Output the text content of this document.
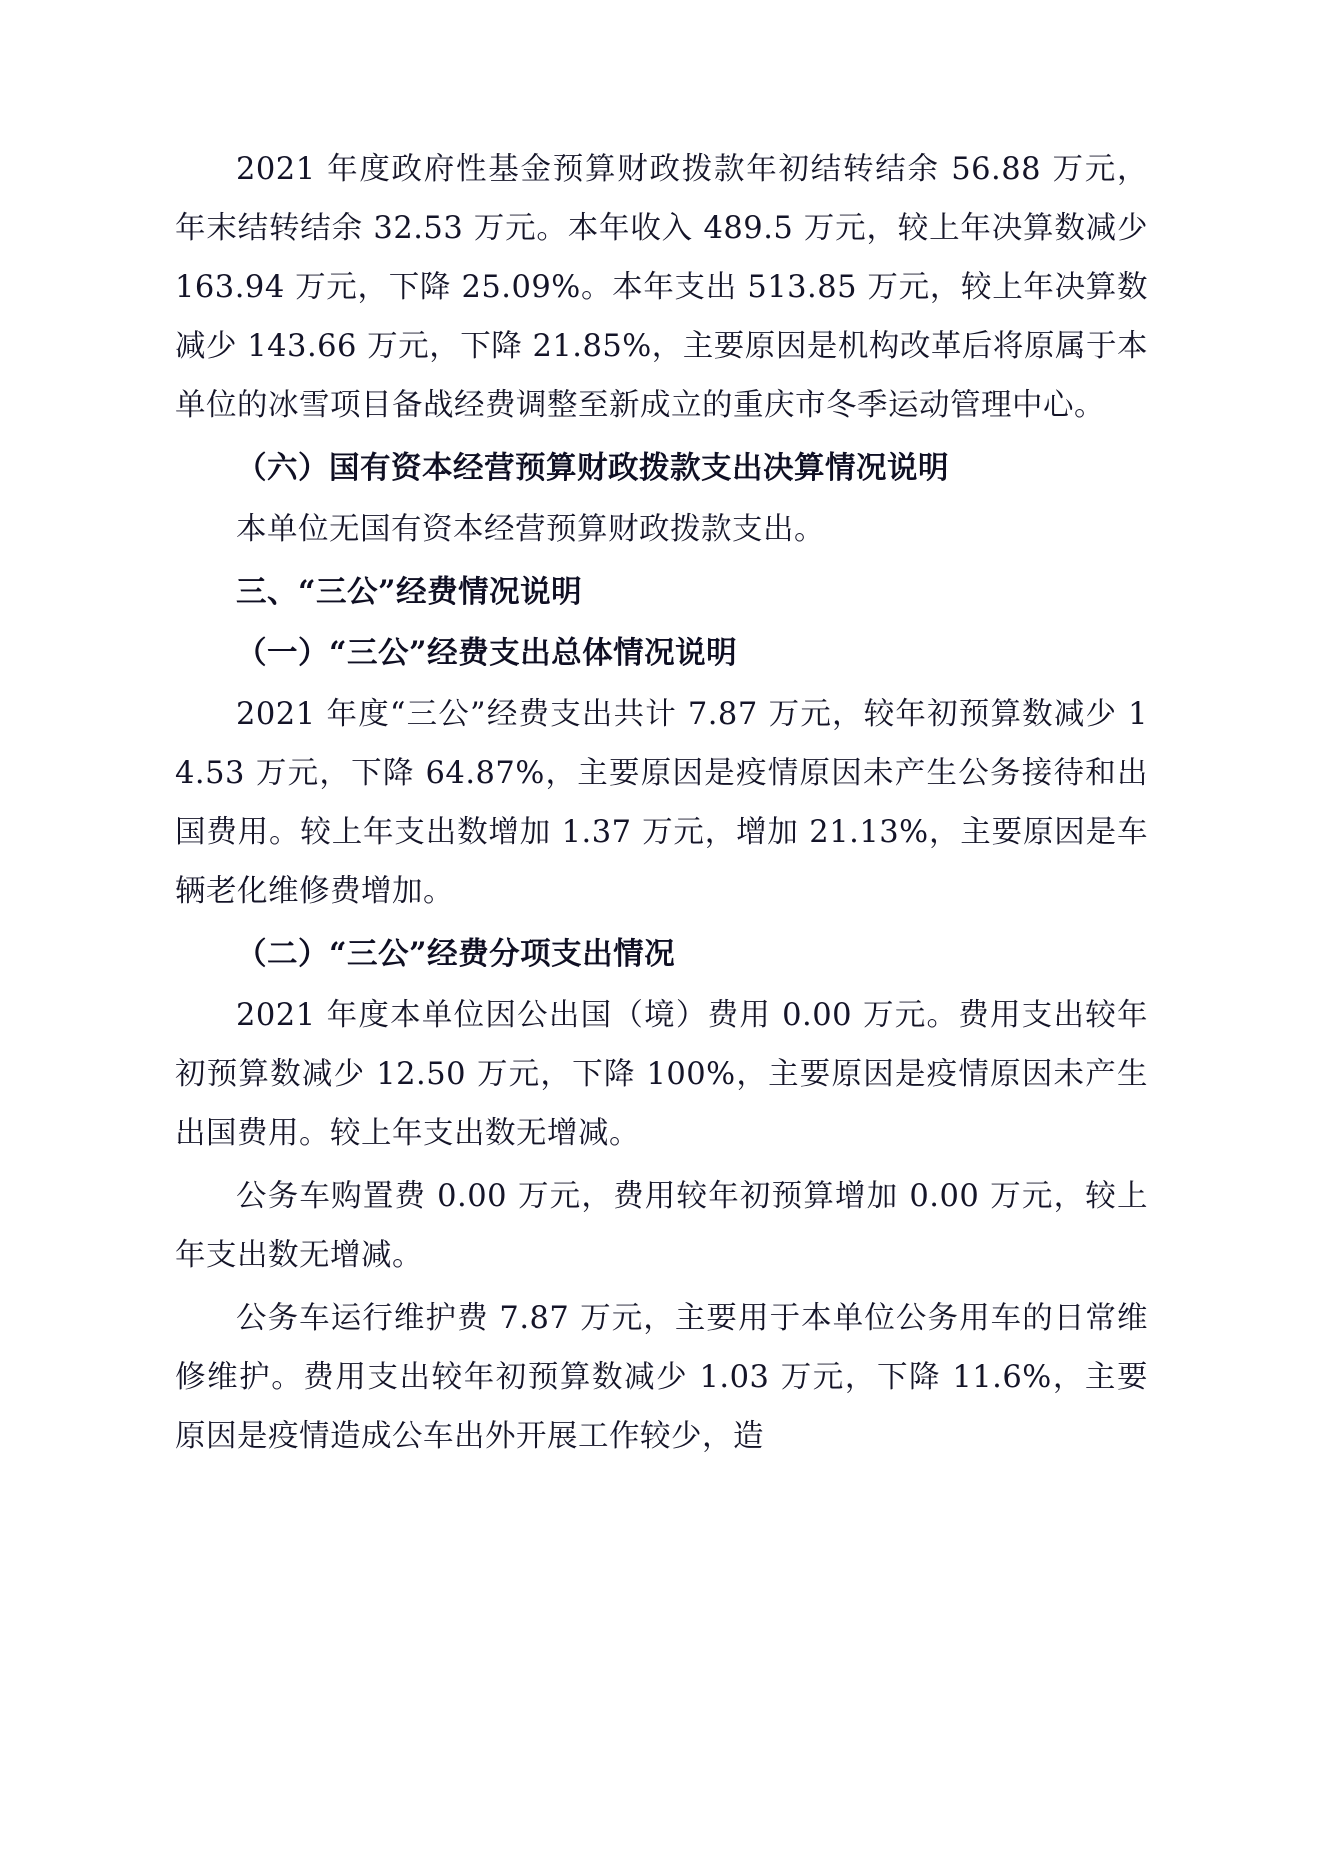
2021 年度政府性基金预算财政拨款年初结转结余 56.88 万元，年末结转结余 32.53 万元。本年收入 489.5 万元，较上年决算数减少 163.94 万元，下降 25.09%。本年支出 513.85 万元，较上年决算数减少 143.66 万元，下降 21.85%，主要原因是机构改革后将原属于本单位的冰雪项目备战经费调整至新成立的重庆市冬季运动管理中心。

（六）国有资本经营预算财政拨款支出决算情况说明

本单位无国有资本经营预算财政拨款支出。

三、“三公”经费情况说明

（一）“三公”经费支出总体情况说明

2021 年度“三公”经费支出共计 7.87 万元，较年初预算数减少 14.53 万元，下降 64.87%，主要原因是疫情原因未产生公务接待和出国费用。较上年支出数增加 1.37 万元，增加 21.13%，主要原因是车辆老化维修费增加。

（二）“三公”经费分项支出情况

2021 年度本单位因公出国（境）费用 0.00 万元。费用支出较年初预算数减少 12.50 万元，下降 100%，主要原因是疫情原因未产生出国费用。较上年支出数无增减。

公务车购置费 0.00 万元，费用较年初预算增加 0.00 万元，较上年支出数无增减。

公务车运行维护费 7.87 万元，主要用于本单位公务用车的日常维修维护。费用支出较年初预算数减少 1.03 万元，下降 11.6%，主要原因是疫情造成公车出外开展工作较少，造
